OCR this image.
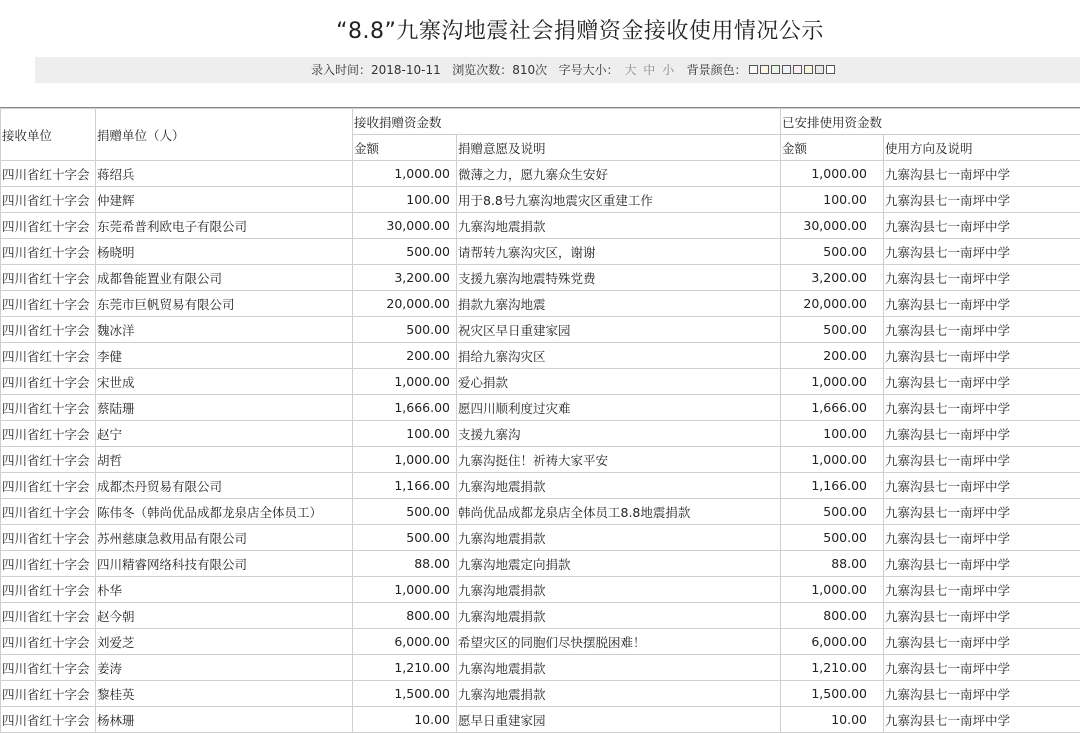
“8.8”九寨沟地震社会捐赠资金接收使用情况公示
录入时间：2018-10-11 浏览次数：810次 字号大小： 大 中 小 背景颜色：
接收单位	捐赠单位（人）	接收捐赠资金数		已安排使用资金数	
		金额	捐赠意愿及说明	金额	使用方向及说明
四川省红十字会	蒋绍兵	1,000.00	微薄之力，愿九寨众生安好	1,000.00	九寨沟县七一南坪中学
四川省红十字会	仲建辉	100.00	用于8.8号九寨沟地震灾区重建工作	100.00	九寨沟县七一南坪中学
四川省红十字会	东莞希普利欧电子有限公司	30,000.00	九寨沟地震捐款	30,000.00	九寨沟县七一南坪中学
四川省红十字会	杨晓明	500.00	请帮转九寨沟灾区，谢谢	500.00	九寨沟县七一南坪中学
四川省红十字会	成都鲁能置业有限公司	3,200.00	支援九寨沟地震特殊党费	3,200.00	九寨沟县七一南坪中学
四川省红十字会	东莞市巨帆贸易有限公司	20,000.00	捐款九寨沟地震	20,000.00	九寨沟县七一南坪中学
四川省红十字会	魏冰洋	500.00	祝灾区早日重建家园	500.00	九寨沟县七一南坪中学
四川省红十字会	李健	200.00	捐给九寨沟灾区	200.00	九寨沟县七一南坪中学
四川省红十字会	宋世成	1,000.00	爱心捐款	1,000.00	九寨沟县七一南坪中学
四川省红十字会	蔡陆珊	1,666.00	愿四川顺利度过灾难	1,666.00	九寨沟县七一南坪中学
四川省红十字会	赵宁	100.00	支援九寨沟	100.00	九寨沟县七一南坪中学
四川省红十字会	胡哲	1,000.00	九寨沟挺住！祈祷大家平安	1,000.00	九寨沟县七一南坪中学
四川省红十字会	成都杰丹贸易有限公司	1,166.00	九寨沟地震捐款	1,166.00	九寨沟县七一南坪中学
四川省红十字会	陈伟冬（韩尚优品成都龙泉店全体员工）	500.00	韩尚优品成都龙泉店全体员工8.8地震捐款	500.00	九寨沟县七一南坪中学
四川省红十字会	苏州慈康急救用品有限公司	500.00	九寨沟地震捐款	500.00	九寨沟县七一南坪中学
四川省红十字会	四川精睿网络科技有限公司	88.00	九寨沟地震定向捐款	88.00	九寨沟县七一南坪中学
四川省红十字会	朴华	1,000.00	九寨沟地震捐款	1,000.00	九寨沟县七一南坪中学
四川省红十字会	赵今朝	800.00	九寨沟地震捐款	800.00	九寨沟县七一南坪中学
四川省红十字会	刘爱芝	6,000.00	希望灾区的同胞们尽快摆脱困难！	6,000.00	九寨沟县七一南坪中学
四川省红十字会	姜涛	1,210.00	九寨沟地震捐款	1,210.00	九寨沟县七一南坪中学
四川省红十字会	黎桂英	1,500.00	九寨沟地震捐款	1,500.00	九寨沟县七一南坪中学
四川省红十字会	杨林珊	10.00	愿早日重建家园	10.00	九寨沟县七一南坪中学
